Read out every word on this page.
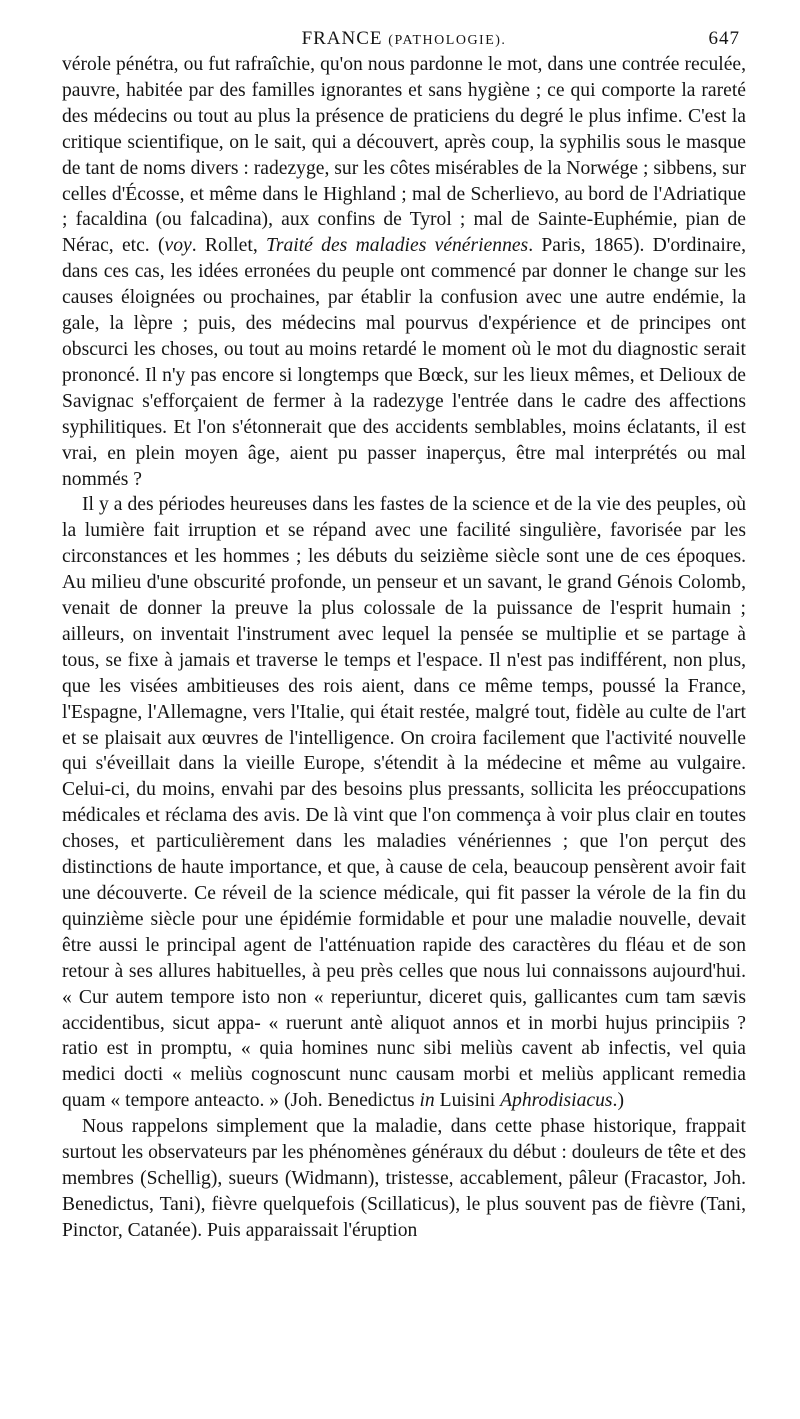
FRANCE (PATHOLOGIE).	647

vérole pénétra, ou fut rafraîchie, qu'on nous pardonne le mot, dans une contrée reculée, pauvre, habitée par des familles ignorantes et sans hygiène ; ce qui comporte la rareté des médecins ou tout au plus la présence de praticiens du degré le plus infime. C'est la critique scientifique, on le sait, qui a découvert, après coup, la syphilis sous le masque de tant de noms divers : radezyge, sur les côtes misérables de la Norwége ; sibbens, sur celles d'Écosse, et même dans le Highland ; mal de Scherlievo, au bord de l'Adriatique ; facaldina (ou falcadina), aux confins de Tyrol ; mal de Sainte-Euphémie, pian de Nérac, etc. (voy. Rollet, Traité des maladies vénériennes. Paris, 1865). D'ordinaire, dans ces cas, les idées erronées du peuple ont commencé par donner le change sur les causes éloignées ou prochaines, par établir la confusion avec une autre endémie, la gale, la lèpre ; puis, des médecins mal pourvus d'expérience et de principes ont obscurci les choses, ou tout au moins retardé le moment où le mot du diagnostic serait prononcé. Il n'y pas encore si longtemps que Bœck, sur les lieux mêmes, et Delioux de Savignac s'efforçaient de fermer à la radezyge l'entrée dans le cadre des affections syphilitiques. Et l'on s'étonnerait que des accidents semblables, moins éclatants, il est vrai, en plein moyen âge, aient pu passer inaperçus, être mal interprétés ou mal nommés ?

Il y a des périodes heureuses dans les fastes de la science et de la vie des peuples, où la lumière fait irruption et se répand avec une facilité singulière, favorisée par les circonstances et les hommes ; les débuts du seizième siècle sont une de ces époques. Au milieu d'une obscurité profonde, un penseur et un savant, le grand Génois Colomb, venait de donner la preuve la plus colossale de la puissance de l'esprit humain ; ailleurs, on inventait l'instrument avec lequel la pensée se multiplie et se partage à tous, se fixe à jamais et traverse le temps et l'espace. Il n'est pas indifférent, non plus, que les visées ambitieuses des rois aient, dans ce même temps, poussé la France, l'Espagne, l'Allemagne, vers l'Italie, qui était restée, malgré tout, fidèle au culte de l'art et se plaisait aux œuvres de l'intelligence. On croira facilement que l'activité nouvelle qui s'éveillait dans la vieille Europe, s'étendit à la médecine et même au vulgaire. Celui-ci, du moins, envahi par des besoins plus pressants, sollicita les préoccupations médicales et réclama des avis. De là vint que l'on commença à voir plus clair en toutes choses, et particulièrement dans les maladies vénériennes ; que l'on perçut des distinctions de haute importance, et que, à cause de cela, beaucoup pensèrent avoir fait une découverte. Ce réveil de la science médicale, qui fit passer la vérole de la fin du quinzième siècle pour une épidémie formidable et pour une maladie nouvelle, devait être aussi le principal agent de l'atténuation rapide des caractères du fléau et de son retour à ses allures habituelles, à peu près celles que nous lui connaissons aujourd'hui. « Cur autem tempore isto non « reperiuntur, diceret quis, gallicantes cum tam sævis accidentibus, sicut appa- « ruerunt antè aliquot annos et in morbi hujus principiis ? ratio est in promptu, « quia homines nunc sibi meliùs cavent ab infectis, vel quia medici docti « meliùs cognoscunt nunc causam morbi et meliùs applicant remedia quam « tempore anteacto. » (Joh. Benedictus in Luisini Aphrodisiacus.)

Nous rappelons simplement que la maladie, dans cette phase historique, frappait surtout les observateurs par les phénomènes généraux du début : douleurs de tête et des membres (Schellig), sueurs (Widmann), tristesse, accablement, pâleur (Fracastor, Joh. Benedictus, Tani), fièvre quelquefois (Scillaticus), le plus souvent pas de fièvre (Tani, Pinctor, Catanée). Puis apparaissait l'éruption
